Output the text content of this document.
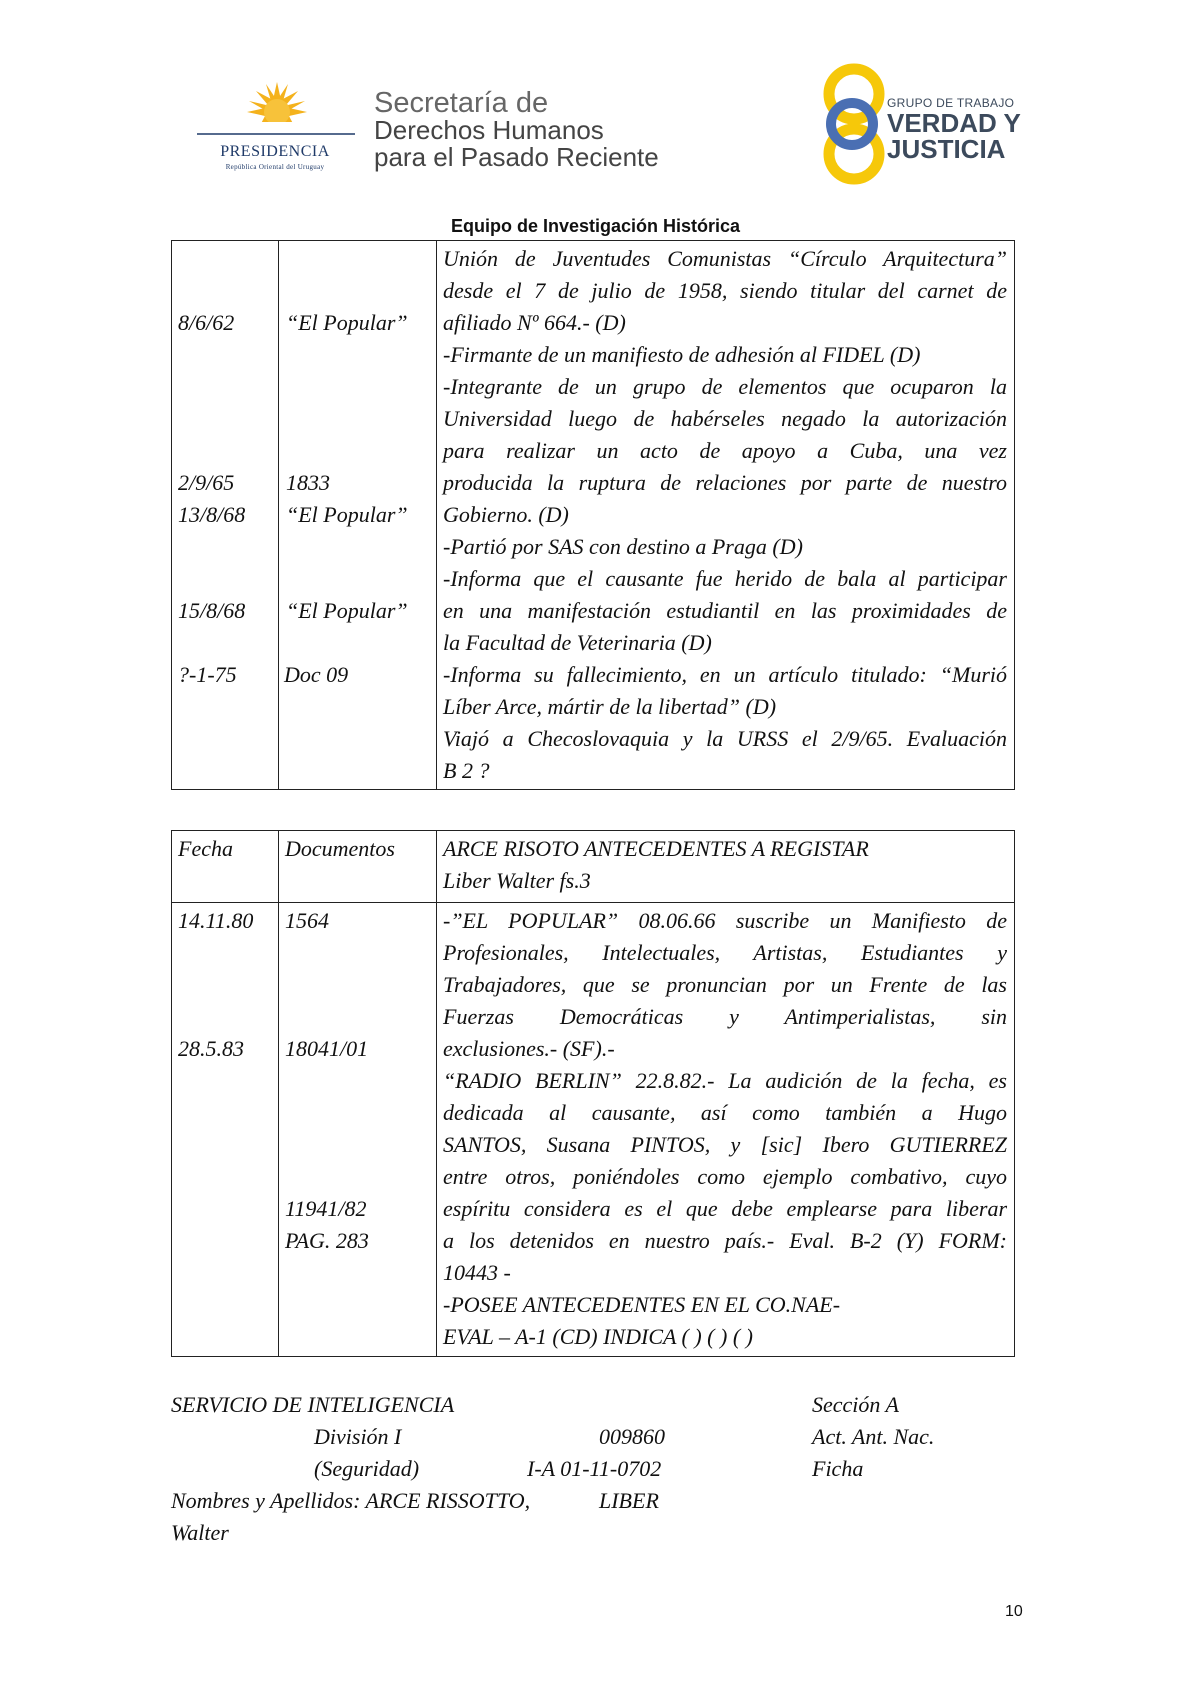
PRESIDENCIA
República Oriental del Uruguay
Secretaría de
Derechos Humanos
para el Pasado Reciente
GRUPO DE TRABAJO
VERDAD Y
JUSTICIA
Equipo de Investigación Histórica
8/6/62
2/9/65
13/8/68
15/8/68
?-1-75
“El Popular”
1833
“El Popular”
“El Popular”
Doc 09
Unión de Juventudes Comunistas “Círculo Arquitectura”
desde el 7 de julio de 1958, siendo titular del carnet de
afiliado Nº 664.- (D)
-Firmante de un manifiesto de adhesión al FIDEL (D)
-Integrante de un grupo de elementos que ocuparon la
Universidad luego de habérseles negado la autorización
para realizar un acto de apoyo a Cuba, una vez
producida la ruptura de relaciones por parte de nuestro
Gobierno. (D)
-Partió por SAS con destino a Praga (D)
-Informa que el causante fue herido de bala al participar
en una manifestación estudiantil en las proximidades de
la Facultad de Veterinaria (D)
-Informa su fallecimiento, en un artículo titulado: “Murió
Líber Arce, mártir de la libertad” (D)
Viajó a Checoslovaquia y la URSS el 2/9/65. Evaluación
B 2 ?
Fecha Documentos ARCE RISOTO ANTECEDENTES A REGISTAR
Liber Walter fs.3
14.11.80
28.5.83
1564
18041/01
11941/82
PAG. 283
-”EL POPULAR” 08.06.66 suscribe un Manifiesto de
Profesionales, Intelectuales, Artistas, Estudiantes y
Trabajadores, que se pronuncian por un Frente de las
Fuerzas Democráticas y Antimperialistas, sin
exclusiones.- (SF).-
“RADIO BERLIN” 22.8.82.- La audición de la fecha, es
dedicada al causante, así como también a Hugo
SANTOS, Susana PINTOS, y [sic] Ibero GUTIERREZ
entre otros, poniéndoles como ejemplo combativo, cuyo
espíritu considera es el que debe emplearse para liberar
a los detenidos en nuestro país.- Eval. B-2 (Y) FORM:
10443 -
-POSEE ANTECEDENTES EN EL CO.NAE-
EVAL – A-1 (CD) INDICA ( ) ( ) ( )
SERVICIO DE INTELIGENCIA
División I
(Seguridad)
009860
I-A 01-11-0702
Sección A
Act. Ant. Nac.
Ficha
Nombres y Apellidos: ARCE RISSOTTO,	LIBER
Walter
10
